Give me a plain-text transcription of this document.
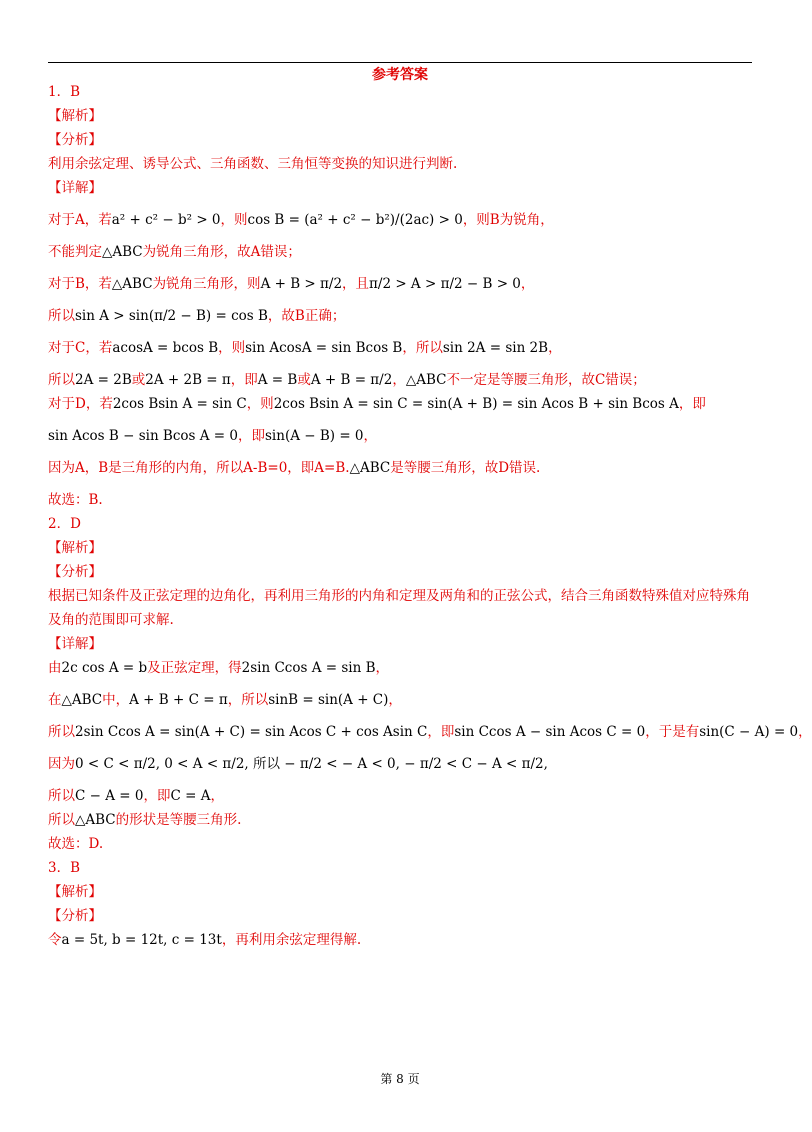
参考答案
1．B
【解析】
【分析】
利用余弦定理、诱导公式、三角函数、三角恒等变换的知识进行判断.
【详解】
对于A，若a² + c² − b² > 0，则cos B = (a² + c² − b²)/(2ac) > 0，则B为锐角，
不能判定△ABC为锐角三角形，故A错误；
对于B，若△ABC为锐角三角形，则A + B > π/2，且π/2 > A > π/2 − B > 0，
所以sin A > sin(π/2 − B) = cos B，故B正确；
对于C，若acosA = bcos B，则sin AcosA = sin Bcos B，所以sin 2A = sin 2B，
所以2A = 2B或2A + 2B = π，即A = B或A + B = π/2，△ABC不一定是等腰三角形，故C错误；
对于D，若2cos Bsin A = sin C，则2cos Bsin A = sin C = sin(A + B) = sin Acos B + sin Bcos A，即
sin Acos B − sin Bcos A = 0，即sin(A − B) = 0，
因为A，B是三角形的内角，所以A-B=0，即A=B.△ABC是等腰三角形，故D错误.
故选：B.
2．D
【解析】
【分析】
根据已知条件及正弦定理的边角化，再利用三角形的内角和定理及两角和的正弦公式，结合三角函数特殊值对应特殊角及角的范围即可求解.
【详解】
由2c cos A = b及正弦定理，得2sin Ccos A = sin B，
在△ABC中，A + B + C = π，所以sinB = sin(A + C)，
所以2sin Ccos A = sin(A + C) = sin Acos C + cos Asin C，即sin Ccos A − sin Acos C = 0，于是有sin(C − A) = 0，
因为0 < C < π/2, 0 < A < π/2, 所以 − π/2 < − A < 0, − π/2 < C − A < π/2,
所以C − A = 0，即C = A，
所以△ABC的形状是等腰三角形.
故选：D.
3．B
【解析】
【分析】
令a = 5t, b = 12t, c = 13t，再利用余弦定理得解.
第 8 页
